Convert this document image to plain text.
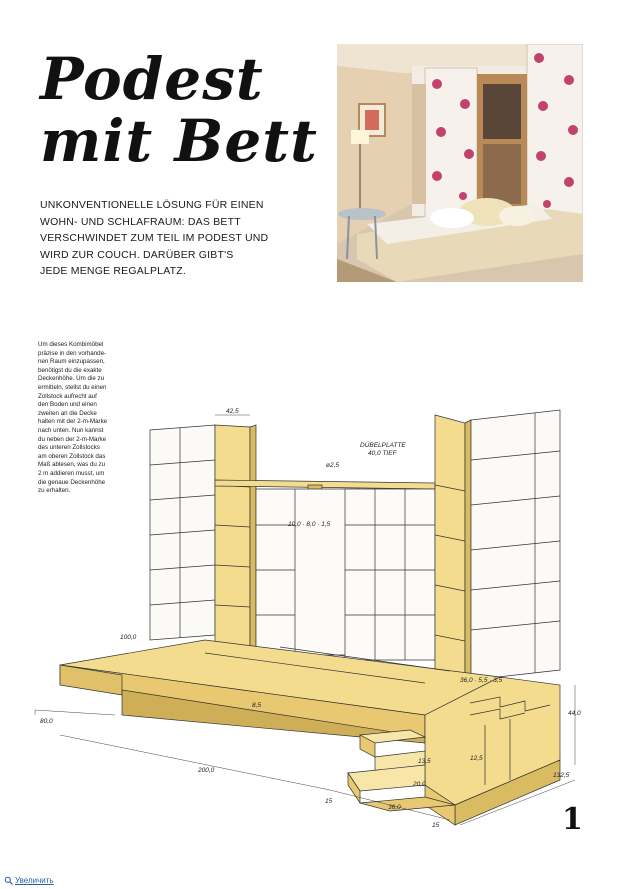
Podest
mit Bett
UNKONVENTIONELLE LÖSUNG FÜR EINEN
WOHN- UND SCHLAFRAUM: DAS BETT
VERSCHWINDET ZUM TEIL IM PODEST UND
WIRD ZUR COUCH. DARÜBER GIBT'S
JEDE MENGE REGALPLATZ.
Um dieses Kombimöbel
präzise in den vorhande-
nen Raum einzupassen,
benötigst du die exakte
Deckenhöhe. Um die zu
ermitteln, stellst du einen
Zollstock aufrecht auf
den Boden und einen
zweiten an die Decke
halten mit der 2-m-Marke
nach unten. Nun kannst
du neben der 2-m-Marke
des unteren Zollstocks
am oberen Zollstock das
Maß ablesen, was du zu
2 m addieren musst, um
die genaue Deckenhöhe
zu erhalten.
42,5
DÜBELPLATTE
40,0 TIEF
ø2,5
10,0 · 8,0 · 1,5
100,0
80,0
8,5
200,0
36,0 · 5,5 · 3,5
44,0
132,5
15
36,0
15
12,5
13,5
20,0
1
Увеличить
